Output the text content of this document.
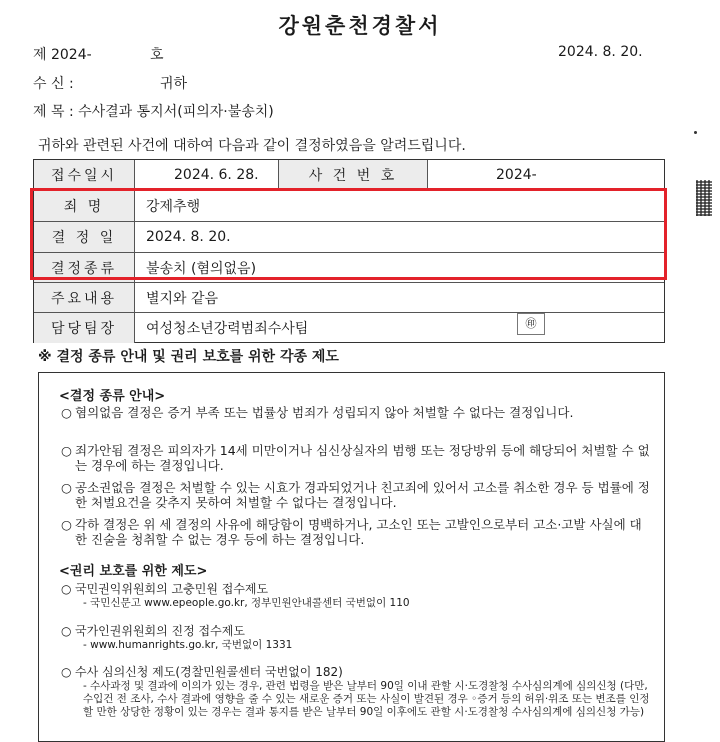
강원춘천경찰서
제 2024-	호	2024. 8. 20.
수 신 :	귀하
제 목 : 수사결과 통지서(피의자·불송치)
귀하와 관련된 사건에 대하여 다음과 같이 결정하였음을 알려드립니다.
접수일시	2024. 6. 28.	사 건 번 호	2024-
죄 명	강제추행
결 정 일	2024. 8. 20.
결정종류	불송치 (혐의없음)
주요내용	별지와 같음
담당팀장	여성청소년강력범죄수사팀	㊞
※ 결정 종류 안내 및 권리 보호를 위한 각종 제도
<결정 종류 안내>
○ 혐의없음 결정은 증거 부족 또는 법률상 범죄가 성립되지 않아 처벌할 수 없다는 결정입니다.
○ 죄가안됨 결정은 피의자가 14세 미만이거나 심신상실자의 범행 또는 정당방위 등에 해당되어 처벌할 수 없는 경우에 하는 결정입니다.
○ 공소권없음 결정은 처벌할 수 있는 시효가 경과되었거나 친고죄에 있어서 고소를 취소한 경우 등 법률에 정한 처벌요건을 갖추지 못하여 처벌할 수 없다는 결정입니다.
○ 각하 결정은 위 세 결정의 사유에 해당함이 명백하거나, 고소인 또는 고발인으로부터 고소·고발 사실에 대한 진술을 청취할 수 없는 경우 등에 하는 결정입니다.
<권리 보호를 위한 제도>
○ 국민권익위원회의 고충민원 접수제도
- 국민신문고 www.epeople.go.kr, 정부민원안내콜센터 국번없이 110
○ 국가인권위원회의 진정 접수제도
- www.humanrights.go.kr, 국번없이 1331
○ 수사 심의신청 제도(경찰민원콜센터 국번없이 182)
- 수사과정 및 결과에 이의가 있는 경우, 관련 법령을 받은 날부터 90일 이내 관할 시·도경찰청 수사심의계에 심의신청 (다만, 수입건 전 조사, 수사 결과에 영향을 줄 수 있는 새로운 증거 또는 사실이 발견된 경우 ◦증거 등의 허위·위조 또는 변조를 인정할 만한 상당한 정황이 있는 경우는 결과 통지를 받은 날부터 90일 이후에도 관할 시·도경찰청 수사심의계에 심의신청 가능)
